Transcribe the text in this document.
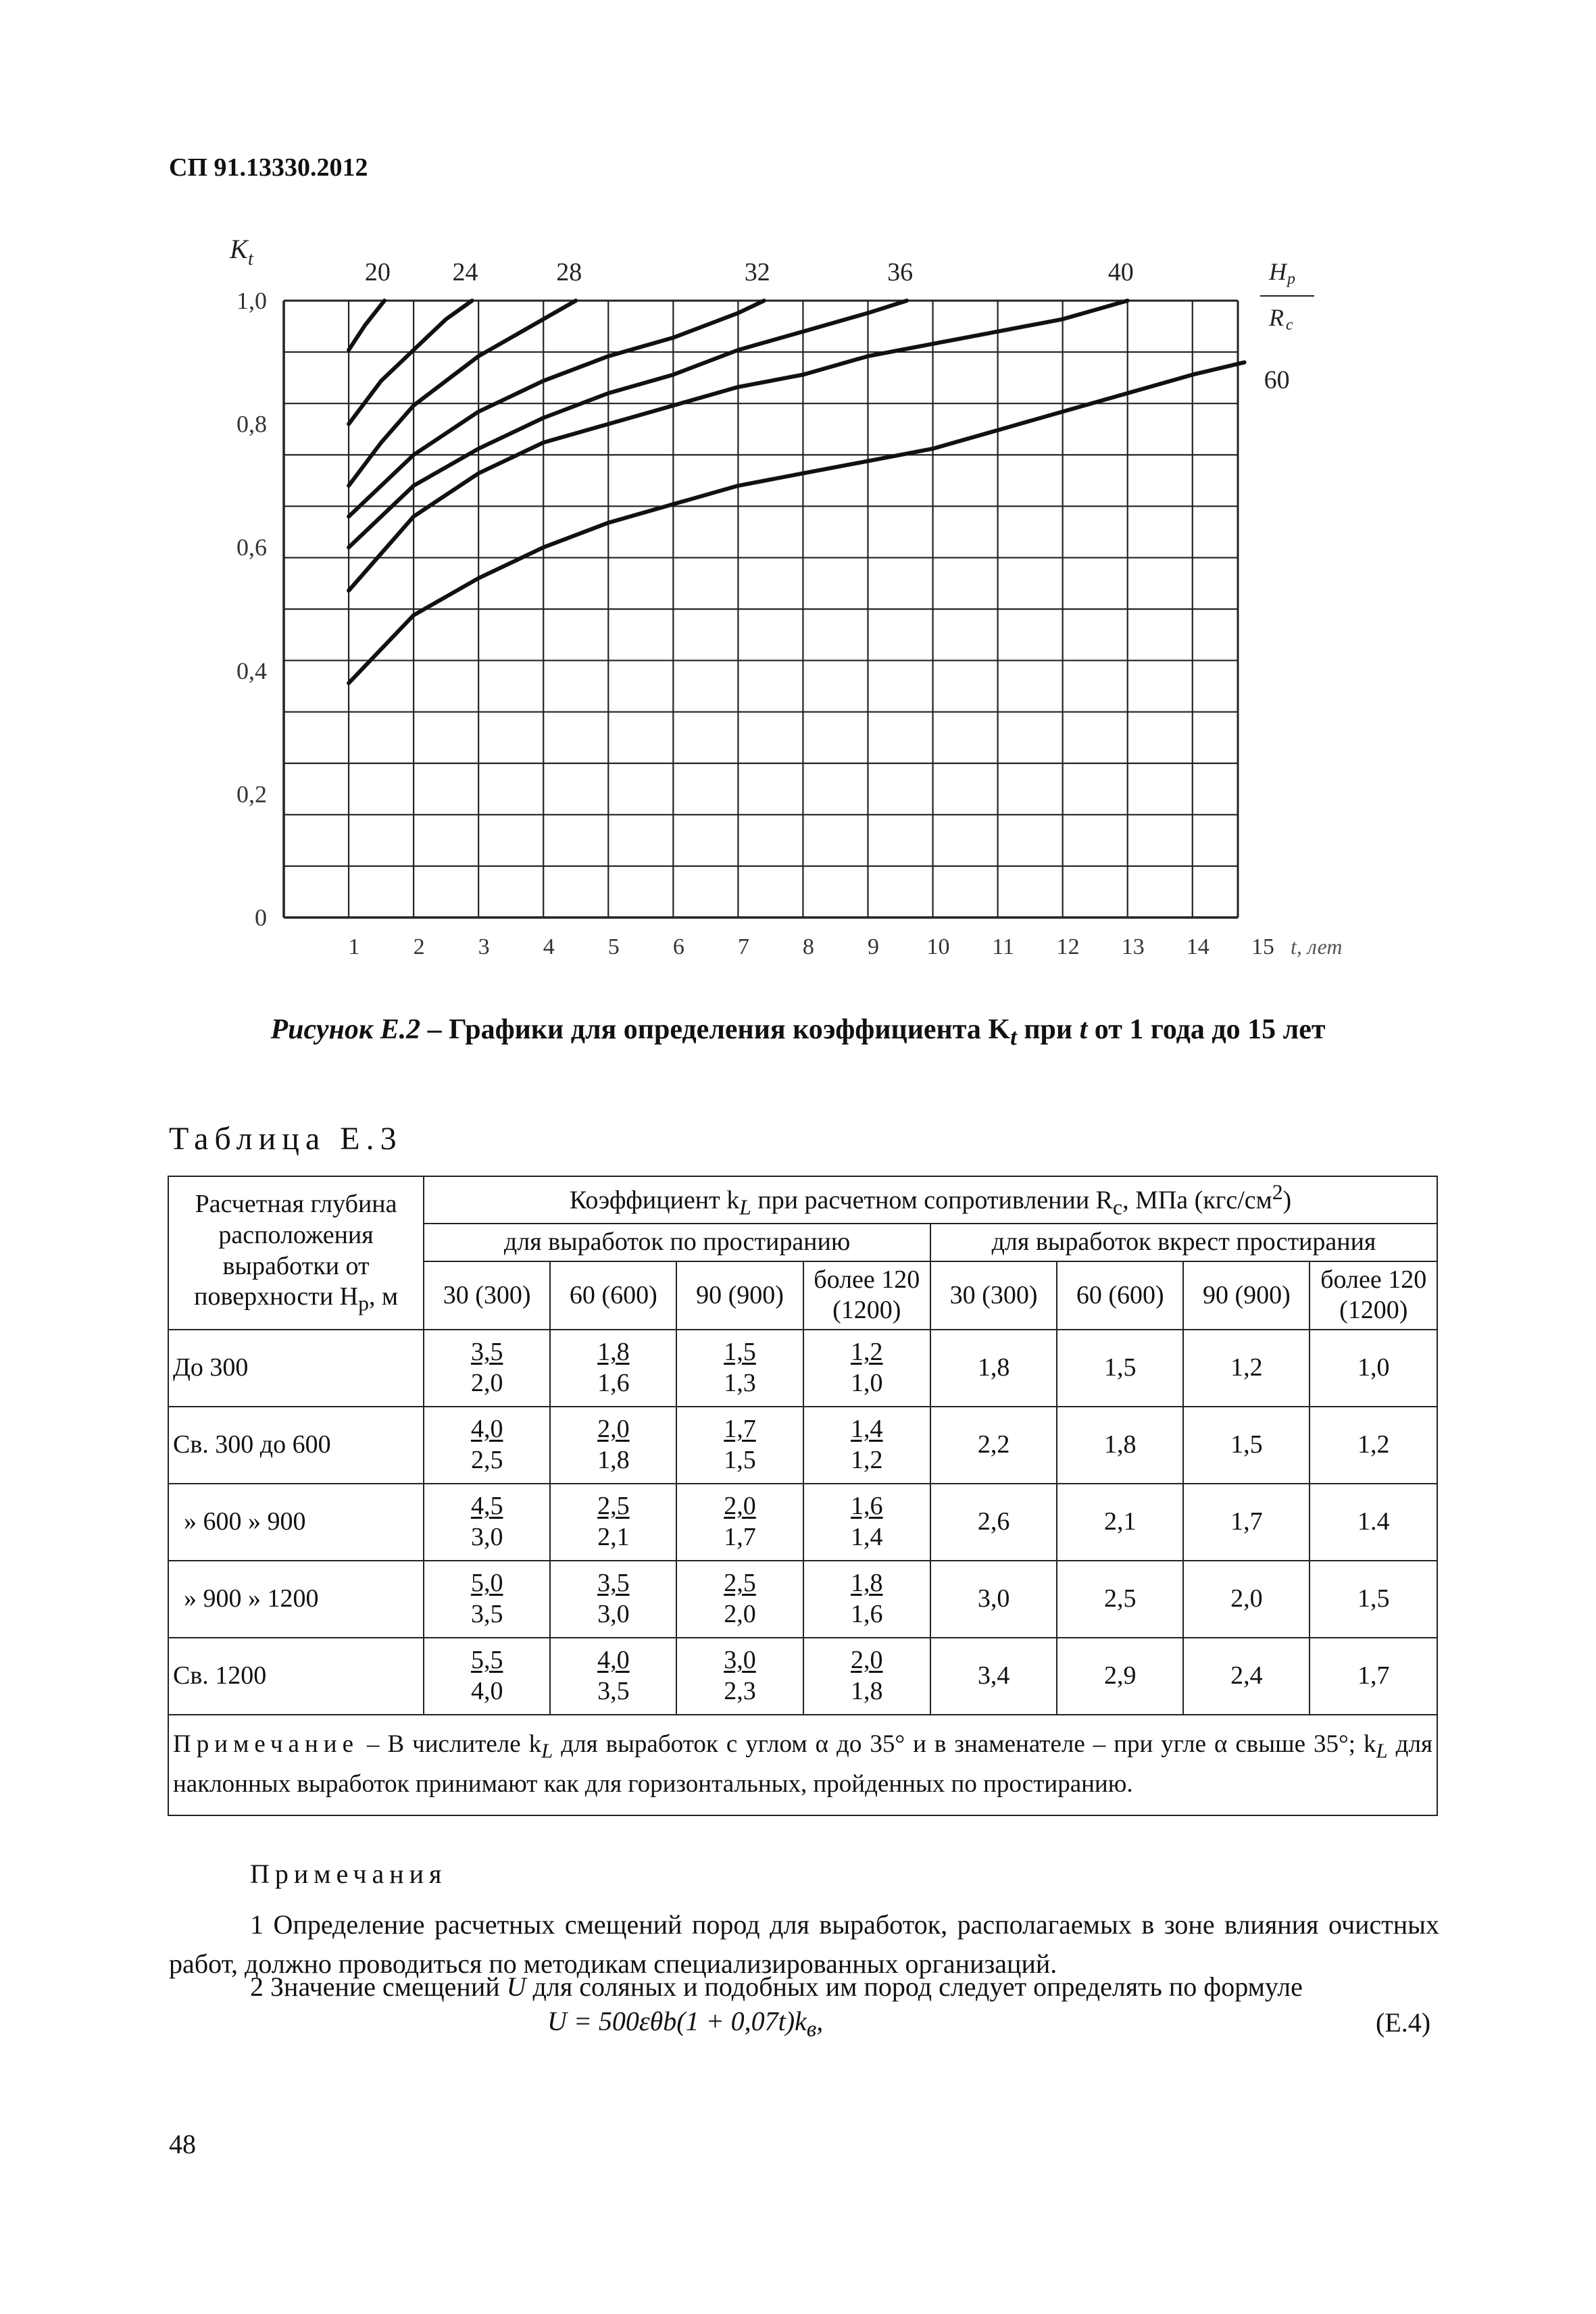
СП 91.13330.2012
1 2 3 4 5 6 7 8 9 10 11 12 13 14 15
0
0,2
0,4
0,6
0,8
1,0
K t
t, лет
H р
R с
20 24	28	32	36	40
60
Рисунок Е.2 – Графики для определения коэффициента $K_t$ при t от 1 года до 15 лет
Таблица Е.3
Расчетная глубина расположения выработки от поверхности $H_р$, м	Коэффициент $k_L$ при расчетном сопротивлении $R_с$, МПа $(кгс/см^2)$							
	для выработок по простиранию				для выработок вкрест простирания			
	30 (300)	60 (600)	90 (900)	более 120 (1200)	30 (300)	60 (600)	90 (900)	более 120 (1200)
До 300	$\frac{3,5}{2,0}$	$\frac{1,8}{1,6}$	$\frac{1,5}{1,3}$	$\frac{1,2}{1,0}$	1,8	1,5	1,2	1,0
Св. 300 до 600	$\frac{4,0}{2,5}$	$\frac{2,0}{1,8}$	$\frac{1,7}{1,5}$	$\frac{1,4}{1,2}$	2,2	1,8	1,5	1,2
» 600 » 900	$\frac{4,5}{3,0}$	$\frac{2,5}{2,1}$	$\frac{2,0}{1,7}$	$\frac{1,6}{1,4}$	2,6	2,1	1,7	1.4
» 900 » 1200	$\frac{5,0}{3,5}$	$\frac{3,5}{3,0}$	$\frac{2,5}{2,0}$	$\frac{1,8}{1,6}$	3,0	2,5	2,0	1,5
Св. 1200	$\frac{5,5}{4,0}$	$\frac{4,0}{3,5}$	$\frac{3,0}{2,3}$	$\frac{2,0}{1,8}$	3,4	2,9	2,4	1,7
Примечание – В числителе $k_L$ для выработок с углом α до 35° и в знаменателе – при угле α свыше 35°; $k_L$ для наклонных выработок принимают как для горизонтальных, пройденных по простиранию.								
Примечания
1 Определение расчетных смещений пород для выработок, располагаемых в зоне влияния очистных работ, должно проводиться по методикам специализированных организаций.
2 Значение смещений U для соляных и подобных им пород следует определять по формуле
$U = 500\varepsilon\theta b(1 + 0,07t)k_в$,	(Е.4)
48
